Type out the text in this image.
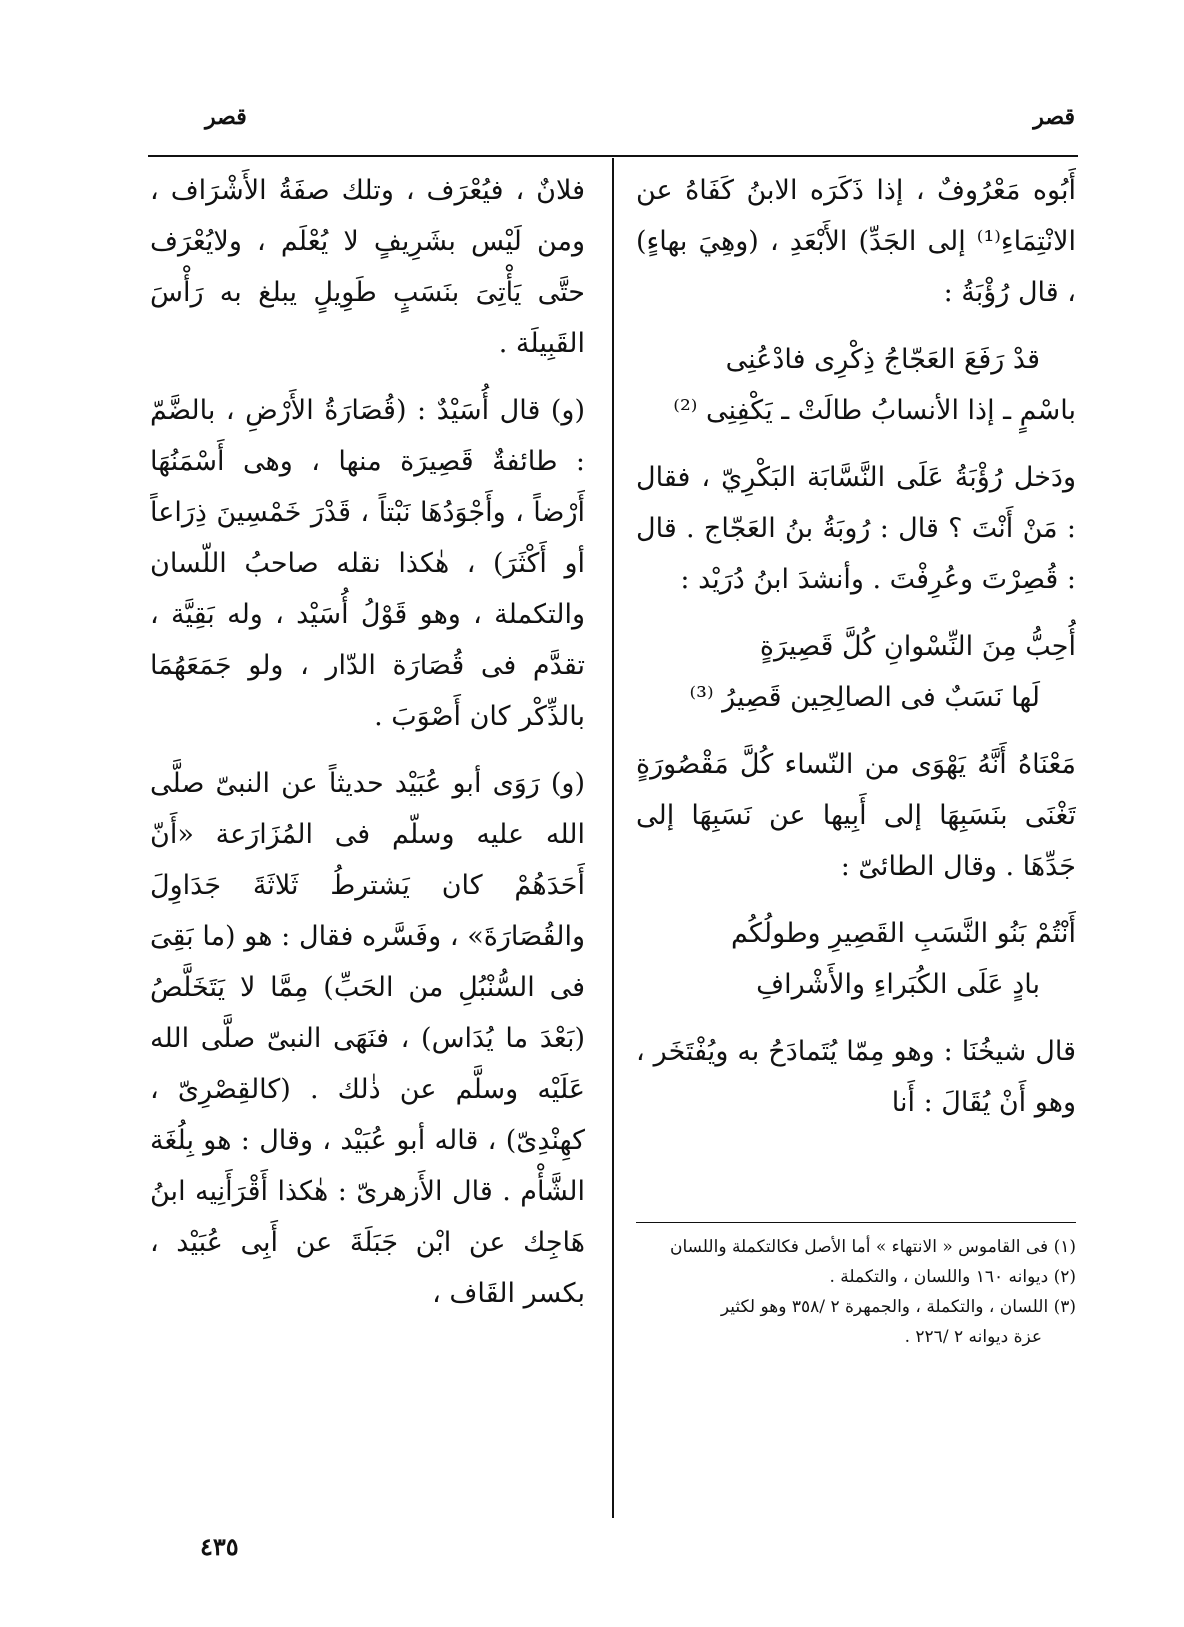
قصر
قصر

أَبُوه مَعْرُوفٌ ، إذا ذَكَرَه الابنُ كَفَاهُ عن الانْتِمَاءِ⁽¹⁾ إلى الجَدِّ) الأَبْعَدِ ، (وهِيَ بهاءٍ) ، قال رُؤْبَةُ :

قدْ رَفَعَ العَجّاجُ ذِكْرِى فادْعُنِى
باسْمٍ ـ إذا الأنسابُ طالَتْ ـ يَكْفِنِى ⁽²⁾

ودَخل رُؤْبَةُ عَلَى النَّسَّابَة البَكْرِيّ ، فقال : مَنْ أَنْتَ ؟ قال : رُوبَةُ بنُ العَجّاج . قال : قُصِرْتَ وعُرِفْتَ . وأنشدَ ابنُ دُرَيْد :

أُحِبُّ مِنَ النِّسْوانِ كُلَّ قَصِيرَةٍ
لَها نَسَبٌ فى الصالِحِين قَصِيرُ ⁽³⁾

مَعْنَاهُ أَنَّهُ يَهْوَى من النّساء كُلَّ مَقْصُورَةٍ تَغْنَى بنَسَبِهَا إلى أَبِيها عن نَسَبِهَا إلى جَدِّهَا . وقال الطائىّ :

أَنْتُمْ بَنُو النَّسَبِ القَصِيرِ وطولُكُم
بادٍ عَلَى الكُبَراءِ والأَشْرافِ

قال شيخُنَا : وهو مِمّا يُتَمادَحُ به ويُفْتَخَر ، وهو أَنْ يُقَالَ : أَنا

(١) فى القاموس « الانتهاء » أما الأصل فكالتكملة واللسان
(٢) ديوانه ١٦٠ واللسان ، والتكملة .
(٣) اللسان ، والتكملة ، والجمهرة ٢ /٣٥٨ وهو لكثير
عزة ديوانه ٢ /٢٢٦ .

فلانٌ ، فيُعْرَف ، وتلك صفَةُ الأَشْرَاف ، ومن لَيْس بشَرِيفٍ لا يُعْلَم ، ولايُعْرَف حتَّى يَأْتِىَ بنَسَبٍ طَوِيلٍ يبلغ به رَأْسَ القَبِيلَة .

(و) قال أُسَيْدٌ : (قُصَارَةُ الأَرْضِ ، بالضَّمّ : طائفةٌ قَصِيرَة منها ، وهى أَسْمَنُهَا أَرْضاً ، وأَجْوَدُهَا نَبْتاً ، قَدْرَ خَمْسِينَ ذِرَاعاً أو أَكْثَرَ) ، هٰكذا نقله صاحبُ اللّسان والتكملة ، وهو قَوْلُ أُسَيْد ، وله بَقِيَّة ، تقدَّم فى قُصَارَة الدّار ، ولو جَمَعَهُمَا بالذِّكْر كان أَصْوَبَ .

(و) رَوَى أبو عُبَيْد حديثاً عن النبىّ صلَّى الله عليه وسلّم فى المُزَارَعة «أَنّ أَحَدَهُمْ كان يَشترطُ ثَلاثَةَ جَدَاوِلَ والقُصَارَةَ» ، وفَسَّره فقال : هو (ما بَقِىَ فى السُّنْبُلِ من الحَبِّ) مِمَّا لا يَتَخَلَّصُ (بَعْدَ ما يُدَاس) ، فنَهَى النبىّ صلَّى الله عَلَيْه وسلَّم عن ذٰلك . (كالقِصْرِىّ ، كهِنْدِىّ) ، قاله أبو عُبَيْد ، وقال : هو بِلُغَة الشَّأْم . قال الأَزهرىّ : هٰكذا أَقْرَأَنِيه ابنُ هَاجِك عن ابْن جَبَلَةَ عن أَبِى عُبَيْد ، بكسر القَاف ،

٤٣٥
